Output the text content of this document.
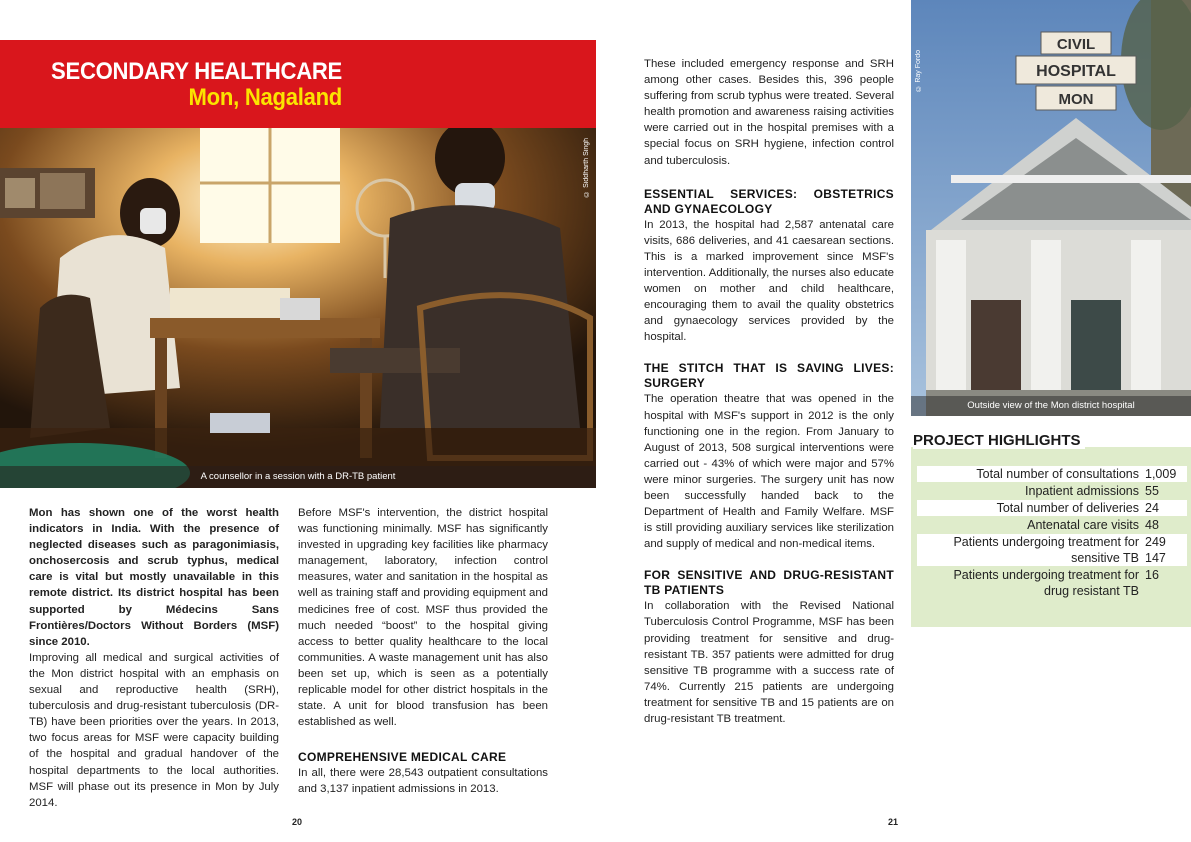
SECONDARY HEALTHCARE
Mon, Nagaland
© Siddharth Singh
A counsellor in a session with a DR-TB patient

Mon has shown one of the worst health indicators in India. With the presence of neglected diseases such as paragonimiasis, onchosercosis and scrub typhus, medical care is vital but mostly unavailable in this remote district. Its district hospital has been supported by Médecins Sans Frontières/Doctors Without Borders (MSF) since 2010.

Improving all medical and surgical activities of the Mon district hospital with an emphasis on sexual and reproductive health (SRH), tuberculosis and drug-resistant tuberculosis (DR-TB) have been priorities over the years. In 2013, two focus areas for MSF were capacity building of the hospital and gradual handover of the hospital departments to the local authorities. MSF will phase out its presence in Mon by July 2014.

Before MSF's intervention, the district hospital was functioning minimally. MSF has significantly invested in upgrading key facilities like pharmacy management, laboratory, infection control measures, water and sanitation in the hospital as well as training staff and providing equipment and medicines free of cost. MSF thus provided the much needed “boost” to the hospital giving access to better quality healthcare to the local communities. A waste management unit has also been set up, which is seen as a potentially replicable model for other district hospitals in the state. A unit for blood transfusion has been established as well.

COMPREHENSIVE MEDICAL CARE

In all, there were 28,543 outpatient consultations and 3,137 inpatient admissions in 2013.

20

These included emergency response and SRH among other cases. Besides this, 396 people suffering from scrub typhus were treated. Several health promotion and awareness raising activities were carried out in the hospital premises with a special focus on SRH hygiene, infection control and tuberculosis.

ESSENTIAL SERVICES: OBSTETRICS AND GYNAECOLOGY

In 2013, the hospital had 2,587 antenatal care visits, 686 deliveries, and 41 caesarean sections. This is a marked improvement since MSF's intervention. Additionally, the nurses also educate women on mother and child healthcare, encouraging them to avail the quality obstetrics and gynaecology services provided by the hospital.

THE STITCH THAT IS SAVING LIVES: SURGERY

The operation theatre that was opened in the hospital with MSF's support in 2012 is the only functioning one in the region. From January to August of 2013, 508 surgical interventions were carried out - 43% of which were major and 57% were minor surgeries. The surgery unit has now been successfully handed back to the Department of Health and Family Welfare. MSF is still providing auxiliary services like sterilization and supply of medical and non-medical items.

FOR SENSITIVE AND DRUG-RESISTANT TB PATIENTS

In collaboration with the Revised National Tuberculosis Control Programme, MSF has been providing treatment for sensitive and drug-resistant TB. 357 patients were admitted for drug sensitive TB programme with a success rate of 74%. Currently 215 patients are undergoing treatment for sensitive TB and 15 patients are on drug-resistant TB treatment.

CIVIL
HOSPITAL
MON
© Ray Fordo
Outside view of the Mon district hospital
PROJECT HIGHLIGHTS
Total number of consultations 1,009
Inpatient admissions 55
Total number of deliveries 24
Antenatal care visits 48
Patients undergoing treatment for sensitive TB
249 147
Patients undergoing treatment for drug resistant TB
16
21
